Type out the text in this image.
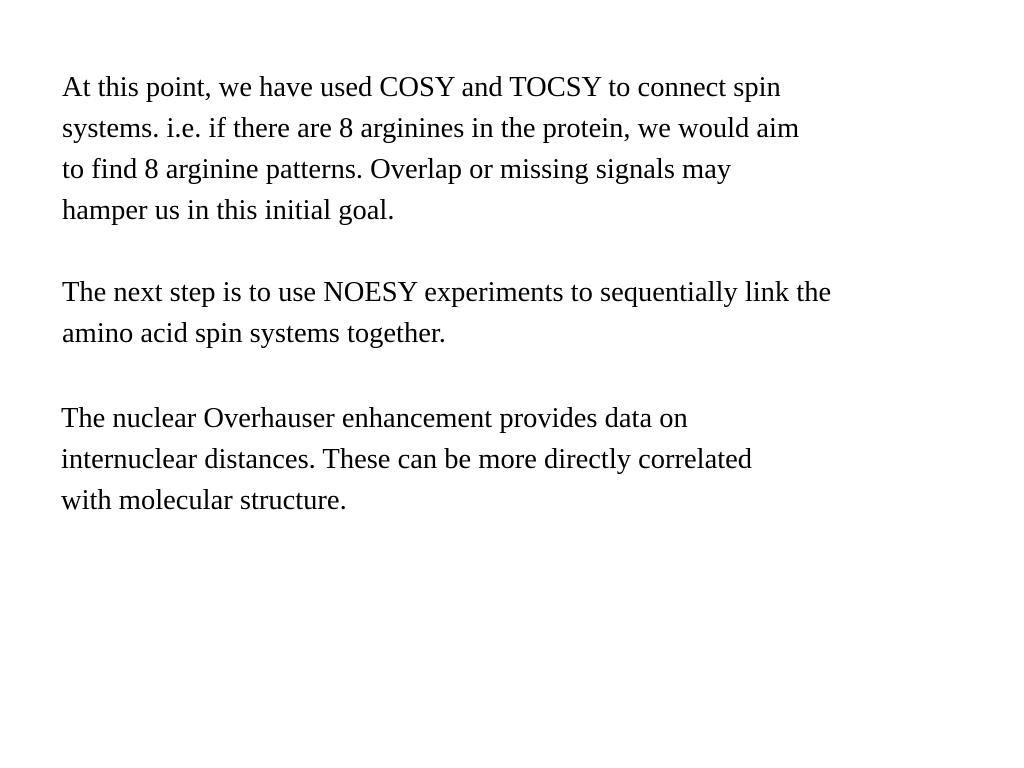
At this point, we have used COSY and TOCSY to connect spin
systems. i.e. if there are 8 arginines in the protein, we would aim
to find 8 arginine patterns. Overlap or missing signals may
hamper us in this initial goal.

The next step is to use NOESY experiments to sequentially link the
amino acid spin systems together.

The nuclear Overhauser enhancement provides data on
internuclear distances. These can be more directly correlated
with molecular structure.
